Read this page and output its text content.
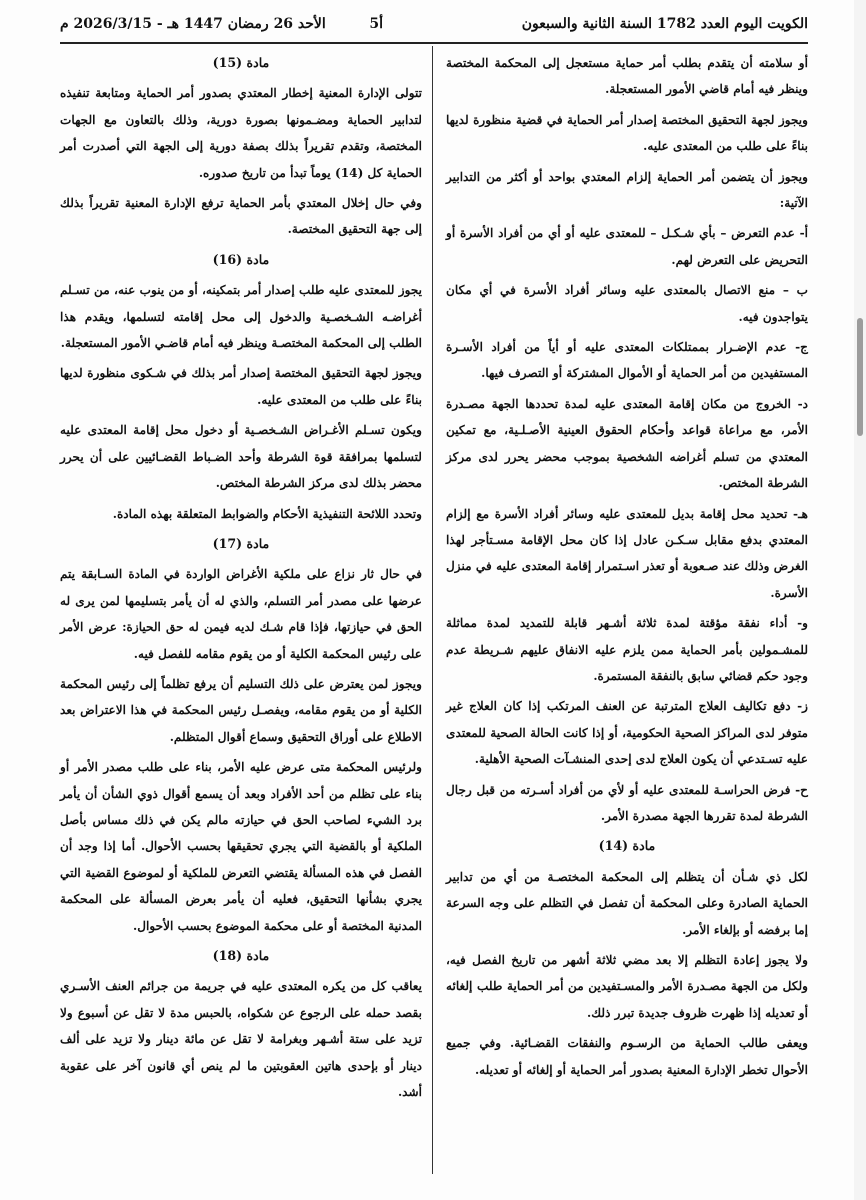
الكويت اليوم العدد 1782 السنة الثانية والسبعون
أ5
الأحد 26 رمضان 1447 هـ - 2026/3/15 م

أو سلامته أن يتقدم بطلب أمر حماية مستعجل إلى المحكمة المختصة وينظر فيه أمام قاضي الأمور المستعجلة.

ويجوز لجهة التحقيق المختصة إصدار أمر الحماية في قضية منظورة لديها بناءً على طلب من المعتدى عليه.

ويجوز أن يتضمن أمر الحماية إلزام المعتدي بواحد أو أكثر من التدابير الآتية:

أ- عدم التعرض – بأي شـكـل – للمعتدى عليه أو أي من أفراد الأسرة أو التحريض على التعرض لهم.

ب – منع الاتصال بالمعتدى عليه وسائر أفراد الأسرة في أي مكان يتواجدون فيه.

ج- عدم الإضـرار بممتلكات المعتدى عليه أو أياً من أفراد الأسـرة المستفيدين من أمر الحماية أو الأموال المشتركة أو التصرف فيها.

د- الخروج من مكان إقامة المعتدى عليه لمدة تحددها الجهة مصـدرة الأمر، مع مراعاة قواعد وأحكام الحقوق العينية الأصـلـية، مع تمكين المعتدي من تسلم أغراضه الشخصية بموجب محضر يحرر لدى مركز الشرطة المختص.

هـ- تحديد محل إقامة بديل للمعتدى عليه وسائر أفراد الأسرة مع إلزام المعتدي بدفع مقابل سـكـن عادل إذا كان محل الإقامة مسـتأجر لهذا الغرض وذلك عند صـعوبة أو تعذر اسـتمرار إقامة المعتدى عليه في منزل الأسرة.

و- أداء نفقة مؤقتة لمدة ثلاثة أشـهر قابلة للتمديد لمدة مماثلة للمشـمولين بأمر الحماية ممن يلزم عليه الانفاق عليهم شـريطة عدم وجود حكم قضائي سابق بالنفقة المستمرة.

ز- دفع تكاليف العلاج المترتبة عن العنف المرتكب إذا كان العلاج غير متوفر لدى المراكز الصحية الحكومية، أو إذا كانت الحالة الصحية للمعتدى عليه تسـتدعي أن يكون العلاج لدى إحدى المنشـآت الصحية الأهلية.

ح- فرض الحراسـة للمعتدى عليه أو لأي من أفراد أسـرته من قبل رجال الشرطة لمدة تقررها الجهة مصدرة الأمر.

مادة (14)

لكل ذي شـأن أن يتظلم إلى المحكمة المختصـة من أي من تدابير الحماية الصادرة وعلى المحكمة أن تفصل في التظلم على وجه السرعة إما برفضه أو بإلغاء الأمر.

ولا يجوز إعادة التظلم إلا بعد مضي ثلاثة أشهر من تاريخ الفصل فيه، ولكل من الجهة مصـدرة الأمر والمسـتفيدين من أمر الحماية طلب إلغائه أو تعديله إذا ظهرت ظروف جديدة تبرر ذلك.

ويعفى طالب الحماية من الرسـوم والنفقات القضـائية. وفي جميع الأحوال تخطر الإدارة المعنية بصدور أمر الحماية أو إلغائه أو تعديله.

مادة (15)

تتولى الإدارة المعنية إخطار المعتدي بصدور أمر الحماية ومتابعة تنفيذه لتدابير الحماية ومضـمونها بصورة دورية، وذلك بالتعاون مع الجهات المختصة، وتقدم تقريراً بذلك بصفة دورية إلى الجهة التي أصدرت أمر الحماية كل (14) يوماً تبدأ من تاريخ صدوره.

وفي حال إخلال المعتدي بأمر الحماية ترفع الإدارة المعنية تقريراً بذلك إلى جهة التحقيق المختصة.

مادة (16)

يجوز للمعتدى عليه طلب إصدار أمر بتمكينه، أو من ينوب عنه، من تسـلم أغراضـه الشـخصـية والدخول إلى محل إقامته لتسلمها، ويقدم هذا الطلب إلى المحكمة المختصـة وينظر فيه أمام قاضـي الأمور المستعجلة.

ويجوز لجهة التحقيق المختصة إصدار أمر بذلك في شـكوى منظورة لديها بناءً على طلب من المعتدى عليه.

ويكون تسـلم الأغـراض الشـخصـية أو دخول محل إقامة المعتدى عليه لتسلمها بمرافقة قوة الشرطة وأحد الضـباط القضـائيين على أن يحرر محضر بذلك لدى مركز الشرطة المختص.

وتحدد اللائحة التنفيذية الأحكام والضوابط المتعلقة بهذه المادة.

مادة (17)

في حال ثار نزاع على ملكية الأغراض الواردة في المادة السـابقة يتم عرضها على مصدر أمر التسلم، والذي له أن يأمر بتسليمها لمن يرى له الحق في حيازتها، فإذا قام شـك لديه فيمن له حق الحيازة: عرض الأمر على رئيس المحكمة الكلية أو من يقوم مقامه للفصل فيه.

ويجوز لمن يعترض على ذلك التسليم أن يرفع تظلماً إلى رئيس المحكمة الكلية أو من يقوم مقامه، ويفصـل رئيس المحكمة في هذا الاعتراض بعد الاطلاع على أوراق التحقيق وسماع أقوال المتظلم.

ولرئيس المحكمة متى عرض عليه الأمر، بناء على طلب مصدر الأمر أو بناء على تظلم من أحد الأفراد وبعد أن يسمع أقوال ذوي الشأن أن يأمر برد الشيء لصاحب الحق في حيازته مالم يكن في ذلك مساس بأصل الملكية أو بالقضية التي يجري تحقيقها بحسب الأحوال. أما إذا وجد أن الفصل في هذه المسألة يقتضي التعرض للملكية أو لموضوع القضية التي يجري بشأنها التحقيق، فعليه أن يأمر بعرض المسألة على المحكمة المدنية المختصة أو على محكمة الموضوع بحسب الأحوال.

مادة (18)

يعاقب كل من يكره المعتدى عليه في جريمة من جرائم العنف الأسـري بقصد حمله على الرجوع عن شكواه، بالحبس مدة لا تقل عن أسبوع ولا تزيد على ستة أشـهر وبغرامة لا تقل عن مائة دينار ولا تزيد على ألف دينار أو بإحدى هاتين العقوبتين ما لم ينص أي قانون آخر على عقوبة أشد.
